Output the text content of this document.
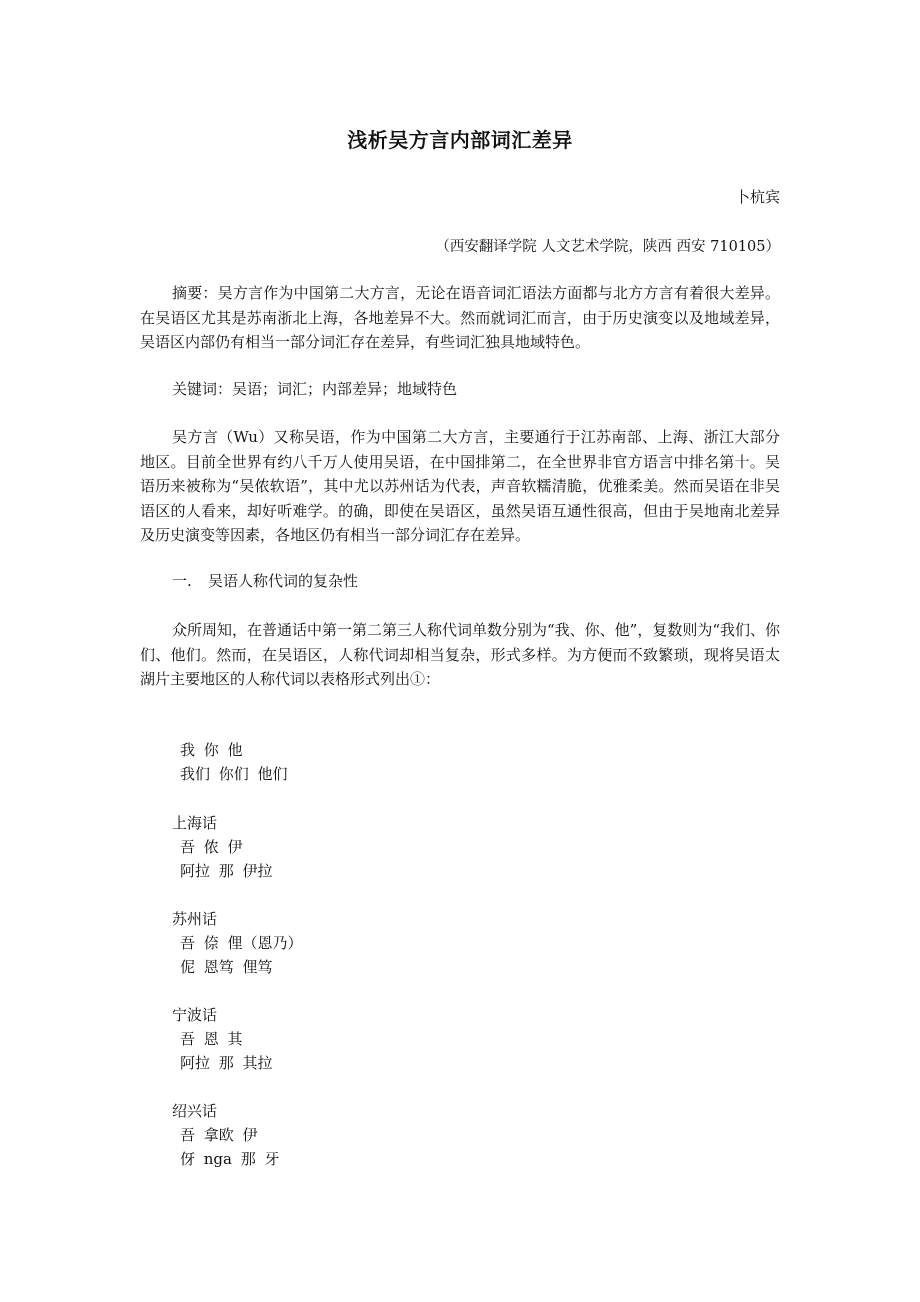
浅析吴方言内部词汇差异
卜杭宾
（西安翻译学院 人文艺术学院，陕西 西安 710105）

摘要：吴方言作为中国第二大方言，无论在语音词汇语法方面都与北方方言有着很大差异。在吴语区尤其是苏南浙北上海，各地差异不大。然而就词汇而言，由于历史演变以及地域差异，吴语区内部仍有相当一部分词汇存在差异，有些词汇独具地域特色。

关键词：吴语；词汇；内部差异；地域特色

吴方言（Wu）又称吴语，作为中国第二大方言，主要通行于江苏南部、上海、浙江大部分地区。目前全世界有约八千万人使用吴语，在中国排第二，在全世界非官方语言中排名第十。吴语历来被称为“吴侬软语”，其中尤以苏州话为代表，声音软糯清脆，优雅柔美。然而吴语在非吴语区的人看来，却好听难学。的确，即使在吴语区，虽然吴语互通性很高，但由于吴地南北差异及历史演变等因素，各地区仍有相当一部分词汇存在差异。

一. 吴语人称代词的复杂性

众所周知，在普通话中第一第二第三人称代词单数分别为“我、你、他”，复数则为“我们、你们、他们。然而，在吴语区，人称代词却相当复杂，形式多样。为方便而不致繁琐，现将吴语太湖片主要地区的人称代词以表格形式列出①：

我 你 他
我们 你们 他们
上海话
吾 侬 伊
阿拉 那 伊拉
苏州话
吾 倷 俚（恩乃）
伲 恩笃 俚笃
宁波话
吾 恩 其
阿拉 那 其拉
绍兴话
吾 拿欧 伊
伢 nga 那 牙
